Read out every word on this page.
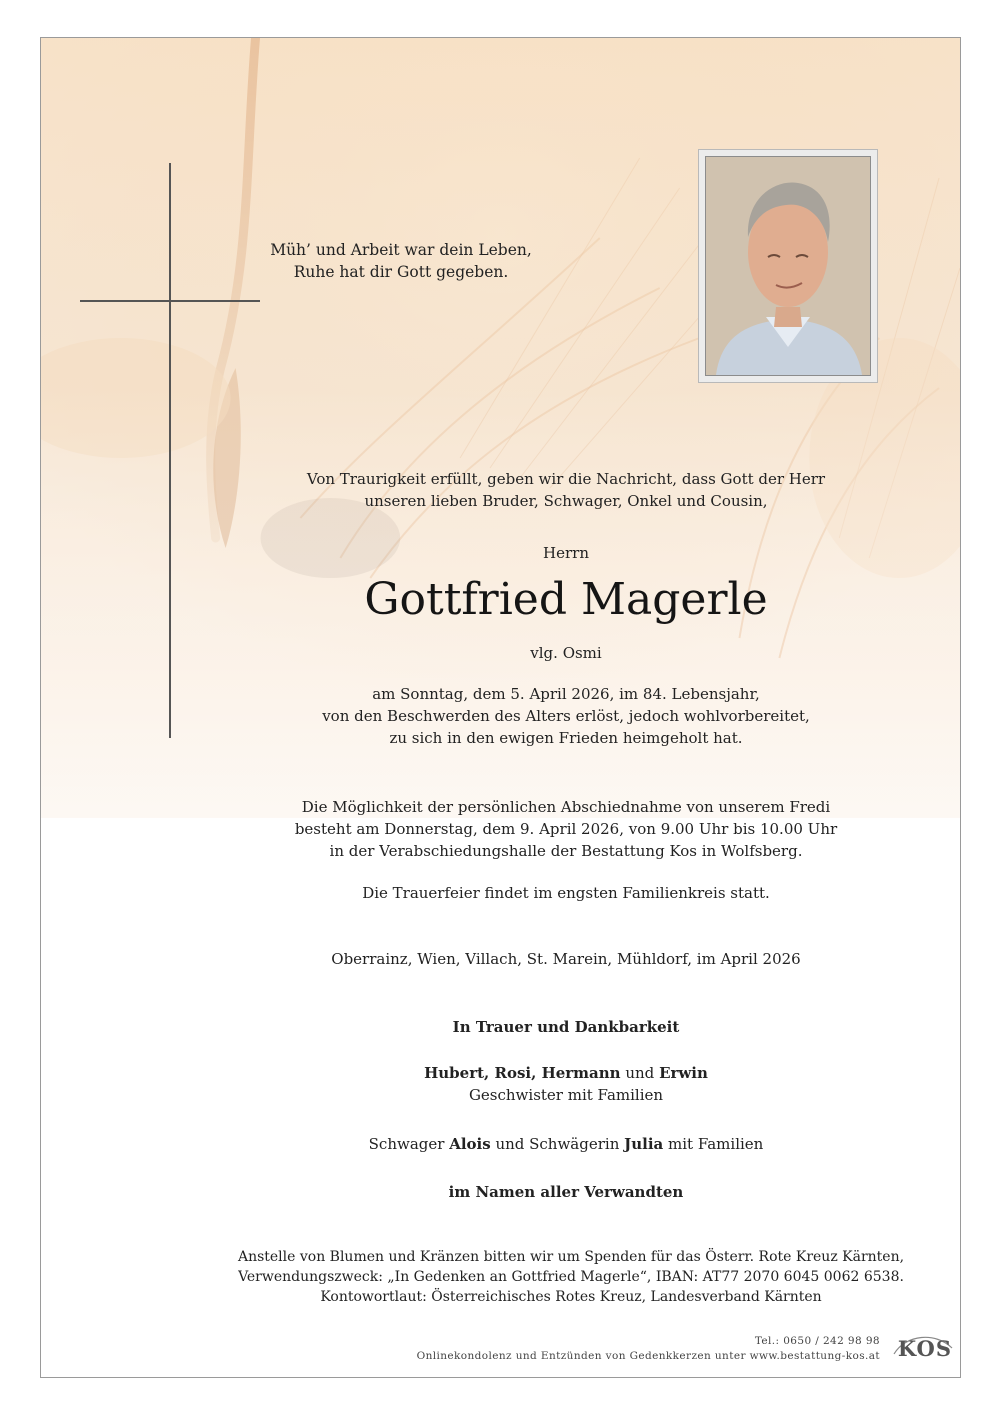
Müh’ und Arbeit war dein Leben,
Ruhe hat dir Gott gegeben.
Von Traurigkeit erfüllt, geben wir die Nachricht, dass Gott der Herr
unseren lieben Bruder, Schwager, Onkel und Cousin,
Herrn
Gottfried Magerle
vlg. Osmi
am Sonntag, dem 5. April 2026, im 84. Lebensjahr,
von den Beschwerden des Alters erlöst, jedoch wohlvorbereitet,
zu sich in den ewigen Frieden heimgeholt hat.
Die Möglichkeit der persönlichen Abschiednahme von unserem Fredi
besteht am Donnerstag, dem 9. April 2026, von 9.00 Uhr bis 10.00 Uhr
in der Verabschiedungshalle der Bestattung Kos in Wolfsberg.
Die Trauerfeier findet im engsten Familienkreis statt.
Oberrainz, Wien, Villach, St. Marein, Mühldorf, im April 2026
In Trauer und Dankbarkeit
Hubert, Rosi, Hermann und Erwin
Geschwister mit Familien
Schwager Alois und Schwägerin Julia mit Familien
im Namen aller Verwandten
Anstelle von Blumen und Kränzen bitten wir um Spenden für das Österr. Rote Kreuz Kärnten,
Verwendungszweck: „In Gedenken an Gottfried Magerle“, IBAN: AT77 2070 6045 0062 6538.
Kontowortlaut: Österreichisches Rotes Kreuz, Landesverband Kärnten
Tel.: 0650 / 242 98 98
Onlinekondolenz und Entzünden von Gedenkkerzen unter www.bestattung-kos.at KOS
